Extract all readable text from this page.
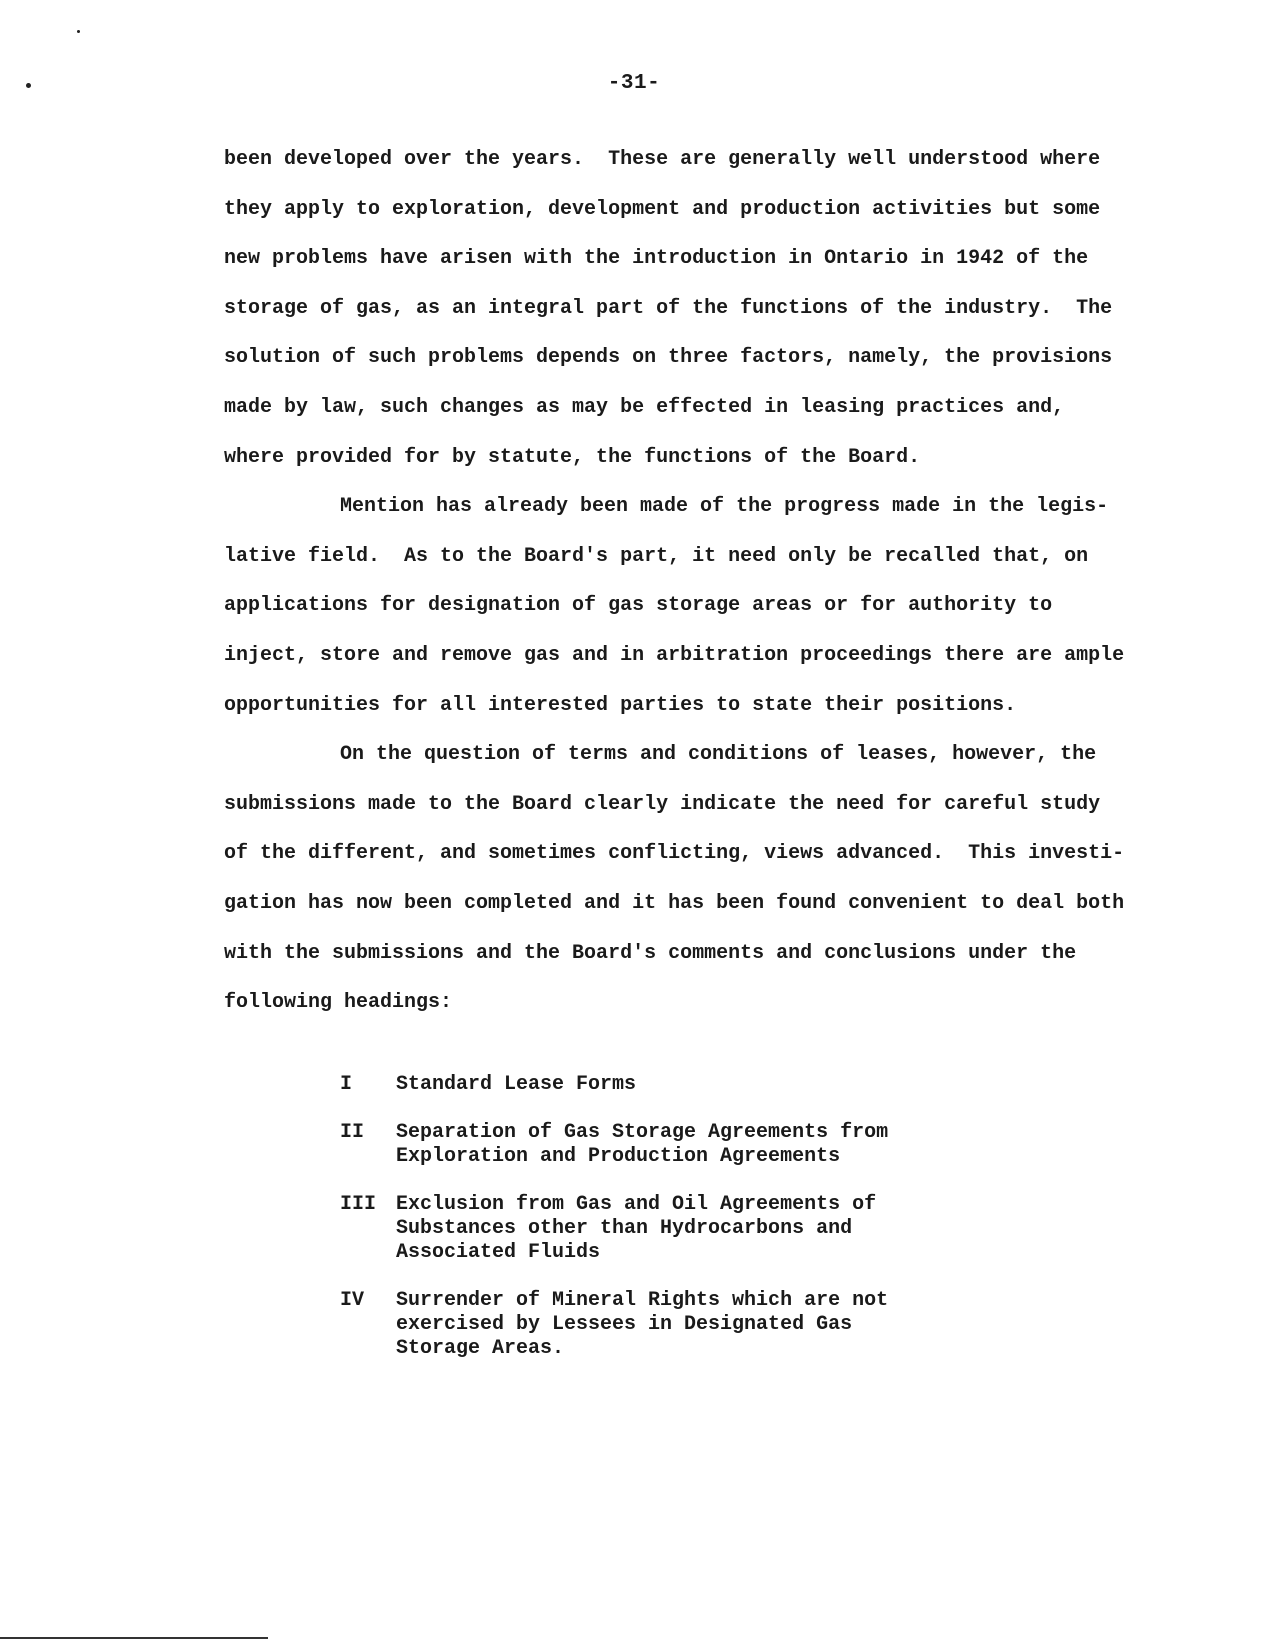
-31-
been developed over the years.  These are generally well understood where
they apply to exploration, development and production activities but some
new problems have arisen with the introduction in Ontario in 1942 of the
storage of gas, as an integral part of the functions of the industry.  The
solution of such problems depends on three factors, namely, the provisions
made by law, such changes as may be effected in leasing practices and,
where provided for by statute, the functions of the Board.
Mention has already been made of the progress made in the legis-
lative field.  As to the Board's part, it need only be recalled that, on
applications for designation of gas storage areas or for authority to
inject, store and remove gas and in arbitration proceedings there are ample
opportunities for all interested parties to state their positions.
On the question of terms and conditions of leases, however, the
submissions made to the Board clearly indicate the need for careful study
of the different, and sometimes conflicting, views advanced.  This investi-
gation has now been completed and it has been found convenient to deal both
with the submissions and the Board's comments and conclusions under the
following headings:
I	Standard Lease Forms
II	Separation of Gas Storage Agreements from
Exploration and Production Agreements
III Exclusion from Gas and Oil Agreements of
Substances other than Hydrocarbons and
Associated Fluids
IV	Surrender of Mineral Rights which are not
exercised by Lessees in Designated Gas
Storage Areas.
